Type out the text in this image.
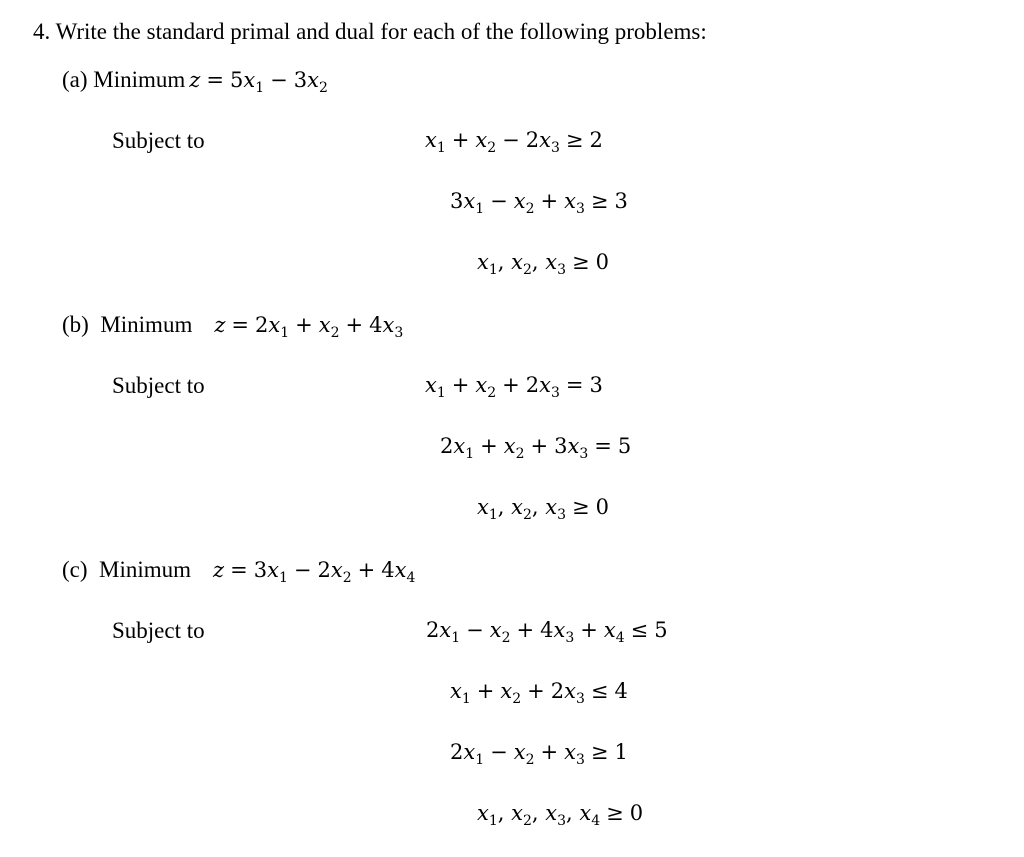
4. Write the standard primal and dual for each of the following problems:
(a) Minimum $z = 5x_1 - 3x_2$
Subject to	$x_1 + x_2 - 2x_3 \ge 2$
$3x_1 - x_2 + x_3 \ge 3$
$x_1$, $x_2$, $x_3 \ge 0$
(b)  Minimum $z = 2x_1 + x_2 + 4x_3$
Subject to	$x_1 + x_2 + 2x_3 = 3$
$2x_1 + x_2 + 3x_3 = 5$
$x_1$, $x_2$, $x_3 \ge 0$
(c)  Minimum $z = 3x_1 - 2x_2 + 4x_4$
Subject to	$2x_1 - x_2 + 4x_3 + x_4 \le 5$
$x_1 + x_2 + 2x_3 \le 4$
$2x_1 - x_2 + x_3 \ge 1$
$x_1$, $x_2$, $x_3$, $x_4 \ge 0$
